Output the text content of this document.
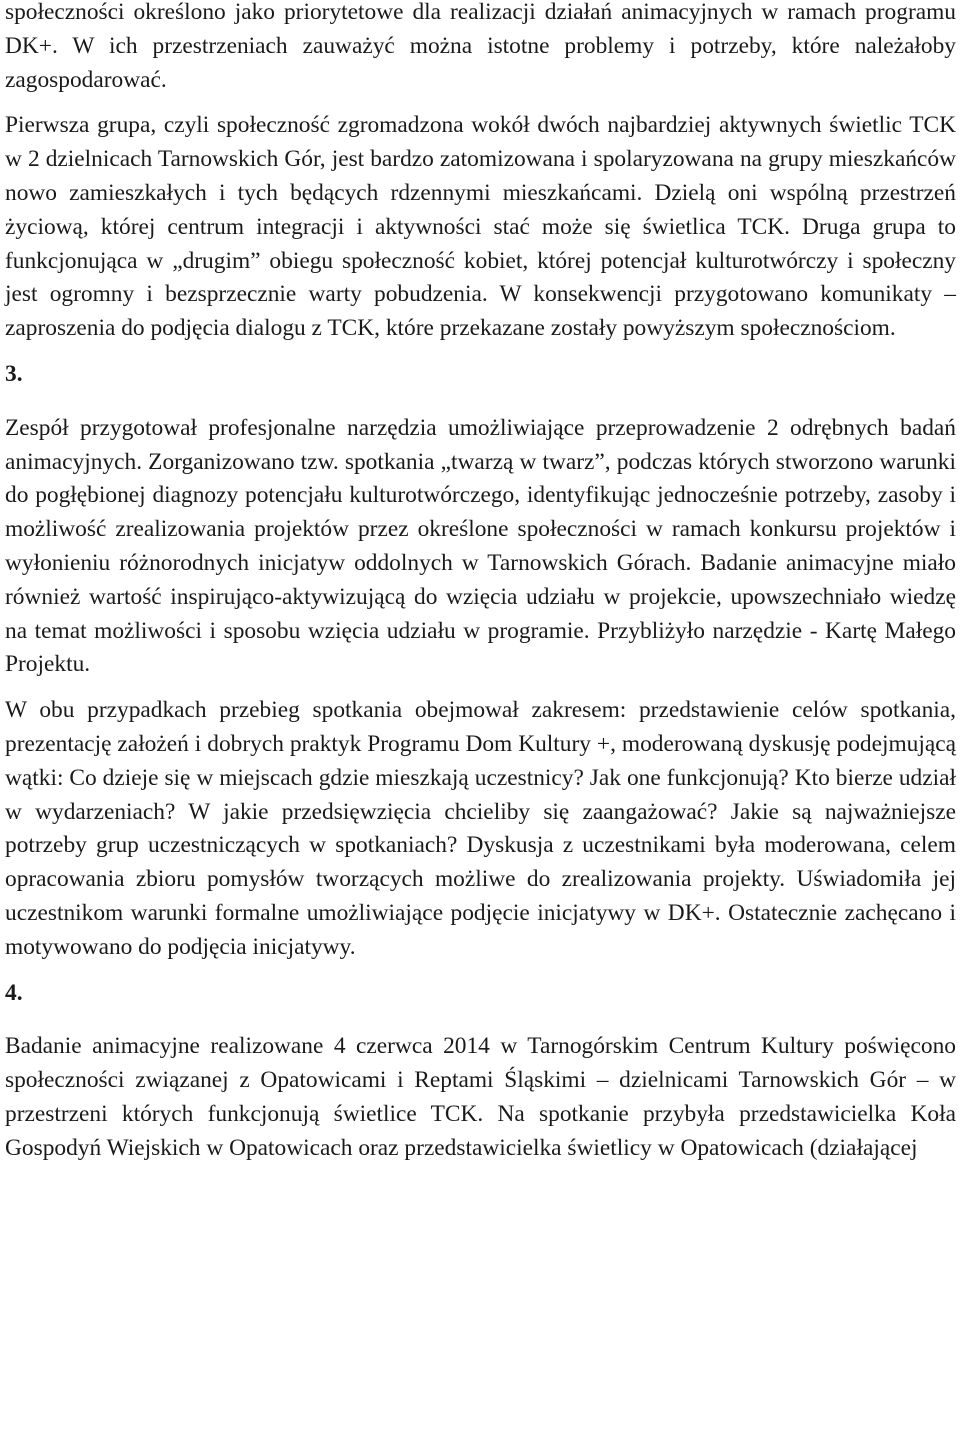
społeczności określono jako priorytetowe dla realizacji działań animacyjnych w ramach programu DK+. W ich przestrzeniach zauważyć można istotne problemy i potrzeby, które należałoby zagospodarować.

Pierwsza grupa, czyli społeczność zgromadzona wokół dwóch najbardziej aktywnych świetlic TCK w 2 dzielnicach Tarnowskich Gór, jest bardzo zatomizowana i spolaryzowana na grupy mieszkańców nowo zamieszkałych i tych będących rdzennymi mieszkańcami. Dzielą oni wspólną przestrzeń życiową, której centrum integracji i aktywności stać może się świetlica TCK. Druga grupa to funkcjonująca w „drugim” obiegu społeczność kobiet, której potencjał kulturotwórczy i społeczny jest ogromny i bezsprzecznie warty pobudzenia. W konsekwencji przygotowano komunikaty – zaproszenia do podjęcia dialogu z TCK, które przekazane zostały powyższym społecznościom.

3.

Zespół przygotował profesjonalne narzędzia umożliwiające przeprowadzenie 2 odrębnych badań animacyjnych. Zorganizowano tzw. spotkania „twarzą w twarz”, podczas których stworzono warunki do pogłębionej diagnozy potencjału kulturotwórczego, identyfikując jednocześnie potrzeby, zasoby i możliwość zrealizowania projektów przez określone społeczności w ramach konkursu projektów i wyłonieniu różnorodnych inicjatyw oddolnych w Tarnowskich Górach. Badanie animacyjne miało również wartość inspirująco-aktywizującą do wzięcia udziału w projekcie, upowszechniało wiedzę na temat możliwości i sposobu wzięcia udziału w programie. Przybliżyło narzędzie - Kartę Małego Projektu.

W obu przypadkach przebieg spotkania obejmował zakresem: przedstawienie celów spotkania, prezentację założeń i dobrych praktyk Programu Dom Kultury +, moderowaną dyskusję podejmującą wątki: Co dzieje się w miejscach gdzie mieszkają uczestnicy? Jak one funkcjonują? Kto bierze udział w wydarzeniach? W jakie przedsięwzięcia chcieliby się zaangażować? Jakie są najważniejsze potrzeby grup uczestniczących w spotkaniach? Dyskusja z uczestnikami była moderowana, celem opracowania zbioru pomysłów tworzących możliwe do zrealizowania projekty. Uświadomiła jej uczestnikom warunki formalne umożliwiające podjęcie inicjatywy w DK+. Ostatecznie zachęcano i motywowano do podjęcia inicjatywy.

4.

Badanie animacyjne realizowane 4 czerwca 2014 w Tarnogórskim Centrum Kultury poświęcono społeczności związanej z Opatowicami i Reptami Śląskimi – dzielnicami Tarnowskich Gór – w przestrzeni których funkcjonują świetlice TCK. Na spotkanie przybyła przedstawicielka Koła Gospodyń Wiejskich w Opatowicach oraz przedstawicielka świetlicy w Opatowicach (działającej
